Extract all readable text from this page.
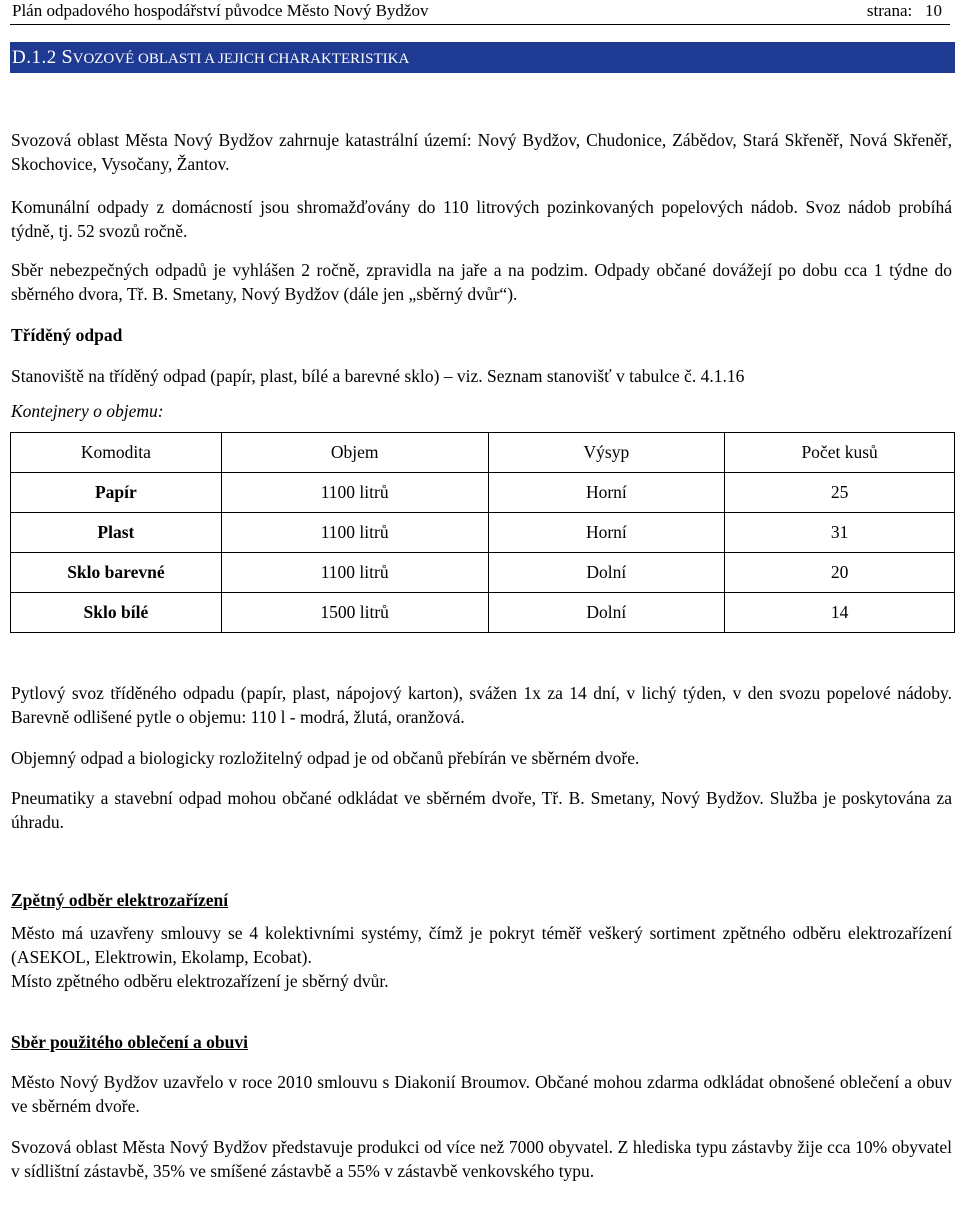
Plán odpadového hospodářství původce Město Nový Bydžov	strana: 10
D.1.2 SVOZOVÉ OBLASTI A JEJICH CHARAKTERISTIKA

Svozová oblast Města Nový Bydžov zahrnuje katastrální území: Nový Bydžov, Chudonice, Zábědov, Stará Skřeněř, Nová Skřeněř, Skochovice, Vysočany, Žantov.

Komunální odpady z domácností jsou shromažďovány do 110 litrových pozinkovaných popelových nádob. Svoz nádob probíhá týdně, tj. 52 svozů ročně.

Sběr nebezpečných odpadů je vyhlášen 2 ročně, zpravidla na jaře a na podzim. Odpady občané dovážejí po dobu cca 1 týdne do sběrného dvora, Tř. B. Smetany, Nový Bydžov (dále jen „sběrný dvůr“).

Tříděný odpad

Stanoviště na tříděný odpad (papír, plast, bílé a barevné sklo) – viz. Seznam stanovišť v tabulce č. 4.1.16

Kontejnery o objemu:

Komodita	Objem	Výsyp	Počet kusů
Papír	1100 litrů	Horní	25
Plast	1100 litrů	Horní	31
Sklo barevné	1100 litrů	Dolní	20
Sklo bílé	1500 litrů	Dolní	14

Pytlový svoz tříděného odpadu (papír, plast, nápojový karton), svážen 1x za 14 dní, v lichý týden, v den svozu popelové nádoby. Barevně odlišené pytle o objemu: 110 l - modrá, žlutá, oranžová.

Objemný odpad a biologicky rozložitelný odpad je od občanů přebírán ve sběrném dvoře.

Pneumatiky a stavební odpad mohou občané odkládat ve sběrném dvoře, Tř. B. Smetany, Nový Bydžov. Služba je poskytována za úhradu.

Zpětný odběr elektrozařízení

Město má uzavřeny smlouvy se 4 kolektivními systémy, čímž je pokryt téměř veškerý sortiment zpětného odběru elektrozařízení (ASEKOL, Elektrowin, Ekolamp, Ecobat).

Místo zpětného odběru elektrozařízení je sběrný dvůr.

Sběr použitého oblečení a obuvi

Město Nový Bydžov uzavřelo v roce 2010 smlouvu s Diakonií Broumov. Občané mohou zdarma odkládat obnošené oblečení a obuv ve sběrném dvoře.

Svozová oblast Města Nový Bydžov představuje produkci od více než 7000 obyvatel. Z hlediska typu zástavby žije cca 10% obyvatel v sídlištní zástavbě, 35% ve smíšené zástavbě a 55% v zástavbě venkovského typu.
